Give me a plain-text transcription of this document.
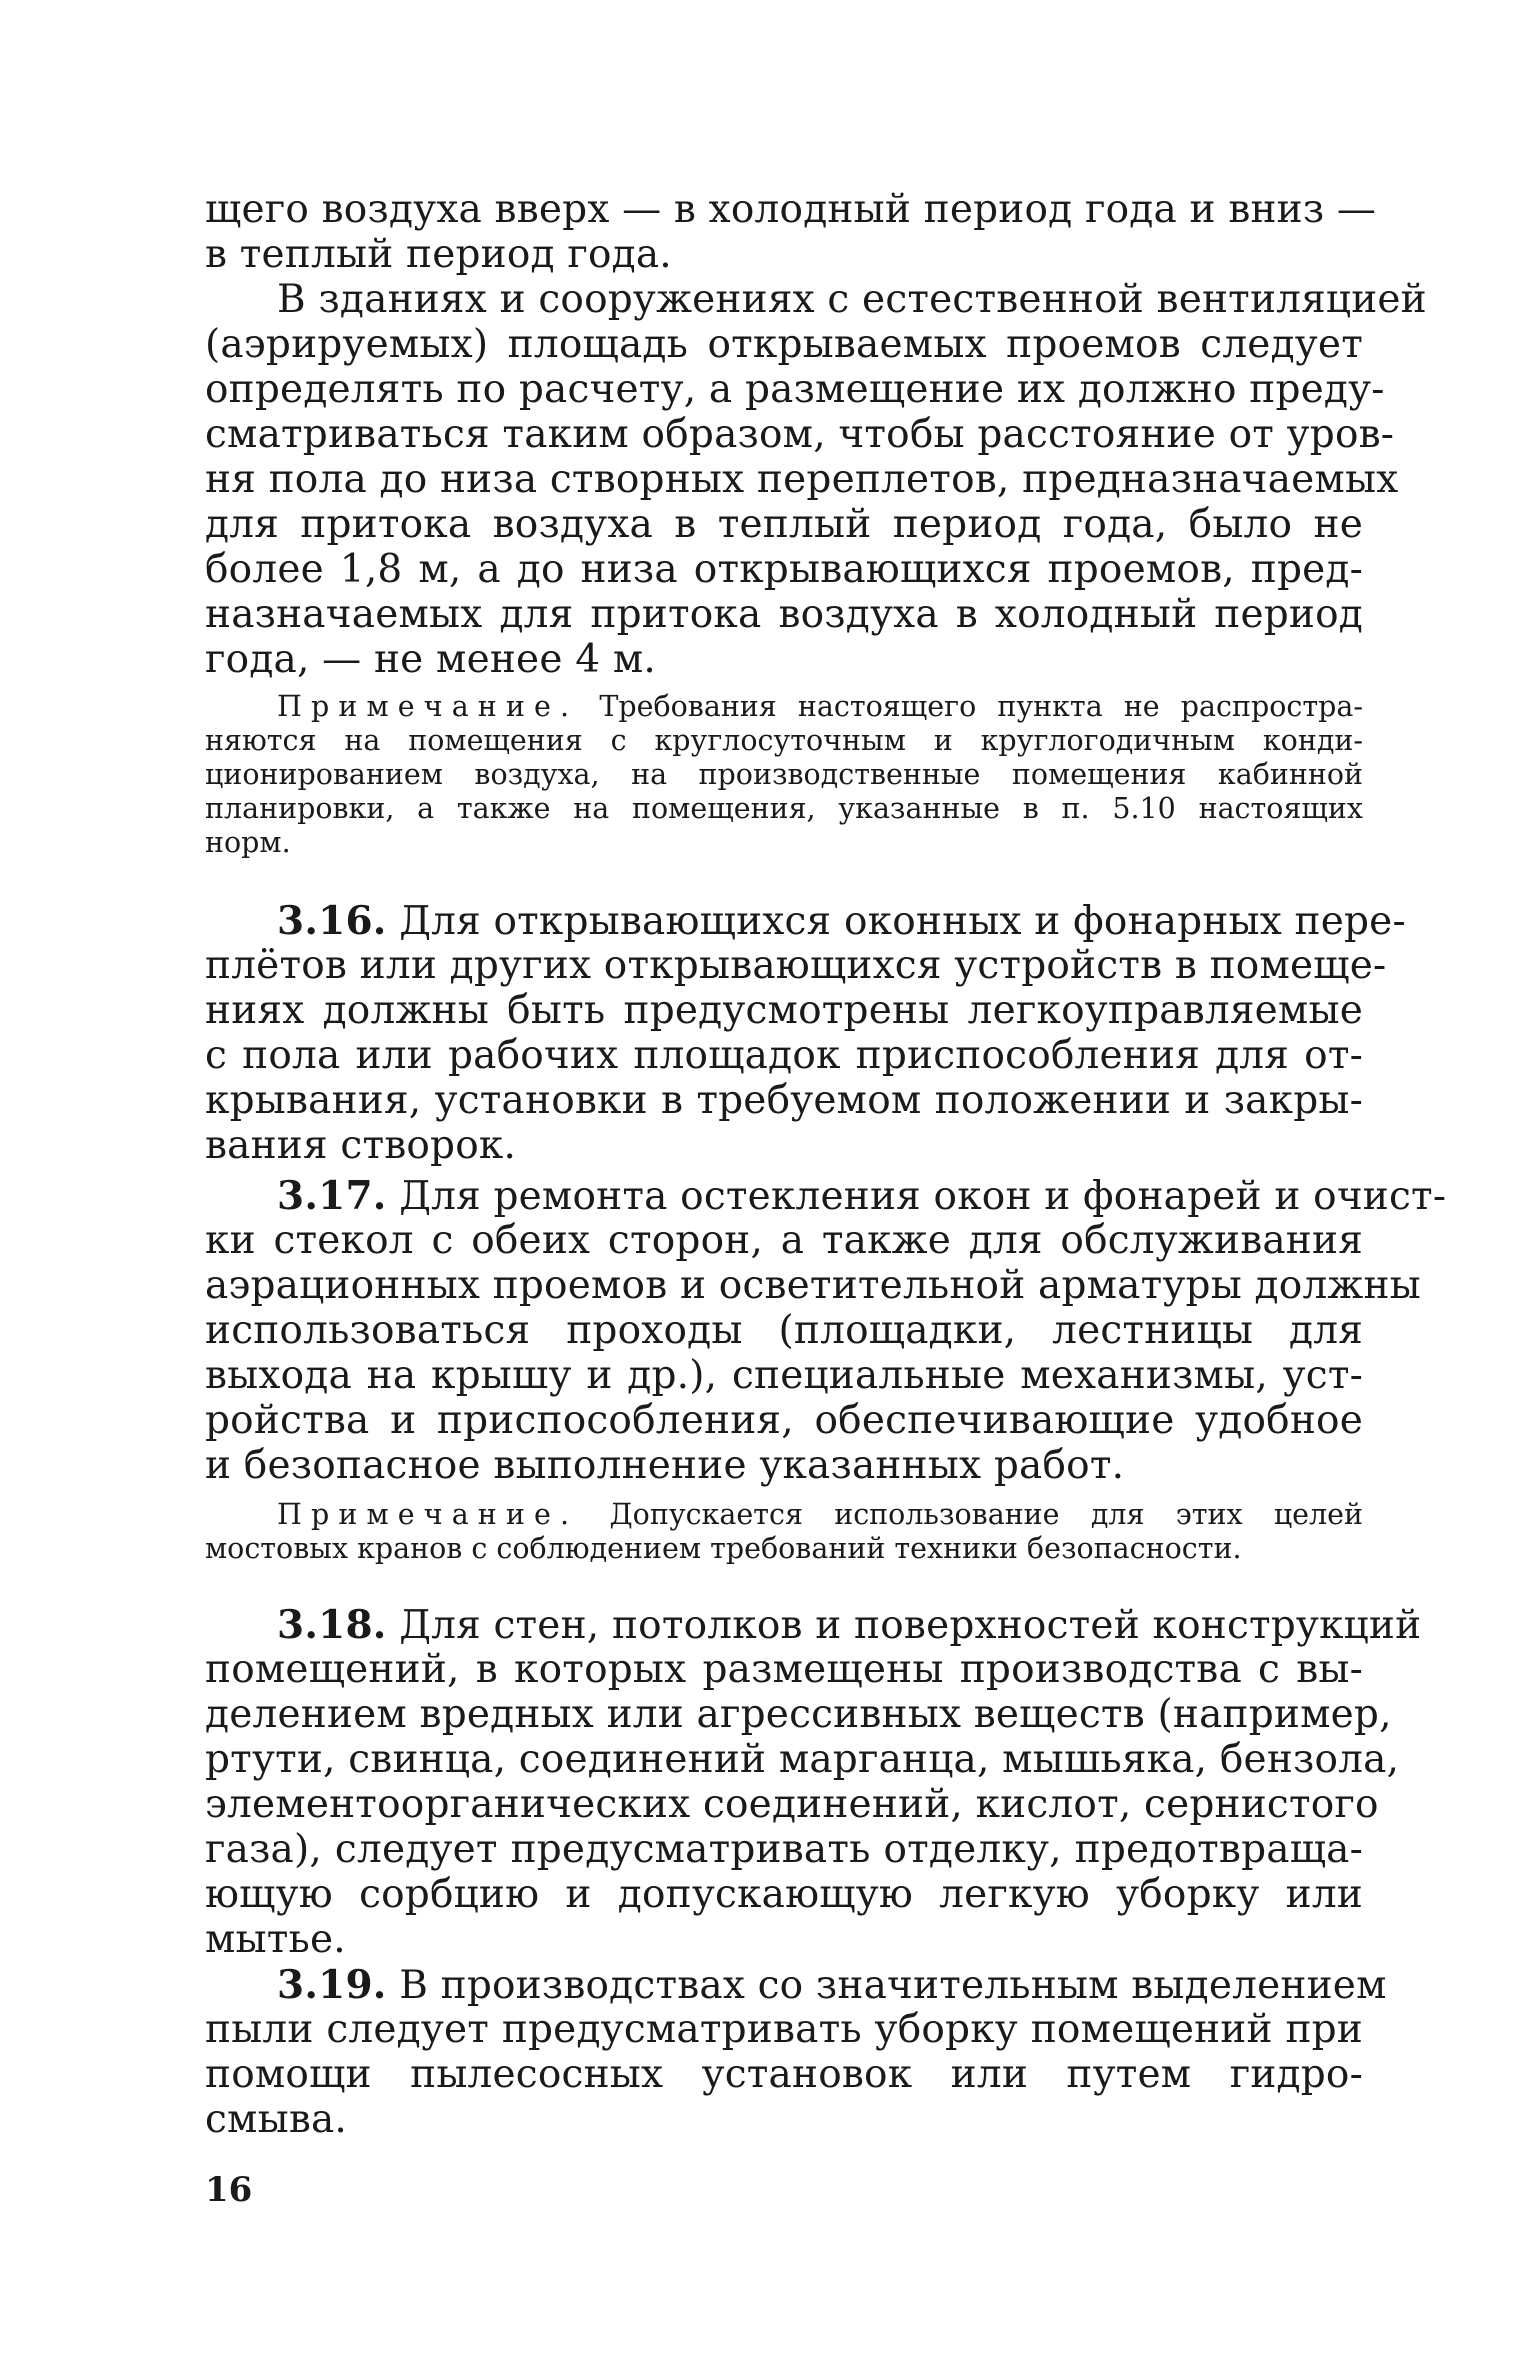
щего воздуха вверх — в холодный период года и вниз —
в теплый период года.
В зданиях и сооружениях с естественной вентиляцией
(аэрируемых) площадь открываемых проемов следует
определять по расчету, а размещение их должно преду-
сматриваться таким образом, чтобы расстояние от уров-
ня пола до низа створных переплетов, предназначаемых
для притока воздуха в теплый период года, было не
более 1,8 м, а до низа открывающихся проемов, пред-
назначаемых для притока воздуха в холодный период
года, — не менее 4 м.
Примечание. Требования настоящего пункта не распростра-
няются на помещения с круглосуточным и круглогодичным конди-
ционированием воздуха, на производственные помещения кабинной
планировки, а также на помещения, указанные в п. 5.10 настоящих
норм.
3.16. Для открывающихся оконных и фонарных пере-
плётов или других открывающихся устройств в помеще-
ниях должны быть предусмотрены легкоуправляемые
с пола или рабочих площадок приспособления для от-
крывания, установки в требуемом положении и закры-
вания створок.
3.17. Для ремонта остекления окон и фонарей и очист-
ки стекол с обеих сторон, а также для обслуживания
аэрационных проемов и осветительной арматуры должны
использоваться проходы (площадки, лестницы для
выхода на крышу и др.), специальные механизмы, уст-
ройства и приспособления, обеспечивающие удобное
и безопасное выполнение указанных работ.
Примечание. Допускается использование для этих целей
мостовых кранов с соблюдением требований техники безопасности.
3.18. Для стен, потолков и поверхностей конструкций
помещений, в которых размещены производства с вы-
делением вредных или агрессивных веществ (например,
ртути, свинца, соединений марганца, мышьяка, бензола,
элементоорганических соединений, кислот, сернистого
газа), следует предусматривать отделку, предотвраща-
ющую сорбцию и допускающую легкую уборку или
мытье.
3.19. В производствах со значительным выделением
пыли следует предусматривать уборку помещений при
помощи пылесосных установок или путем гидро-
смыва.
16
